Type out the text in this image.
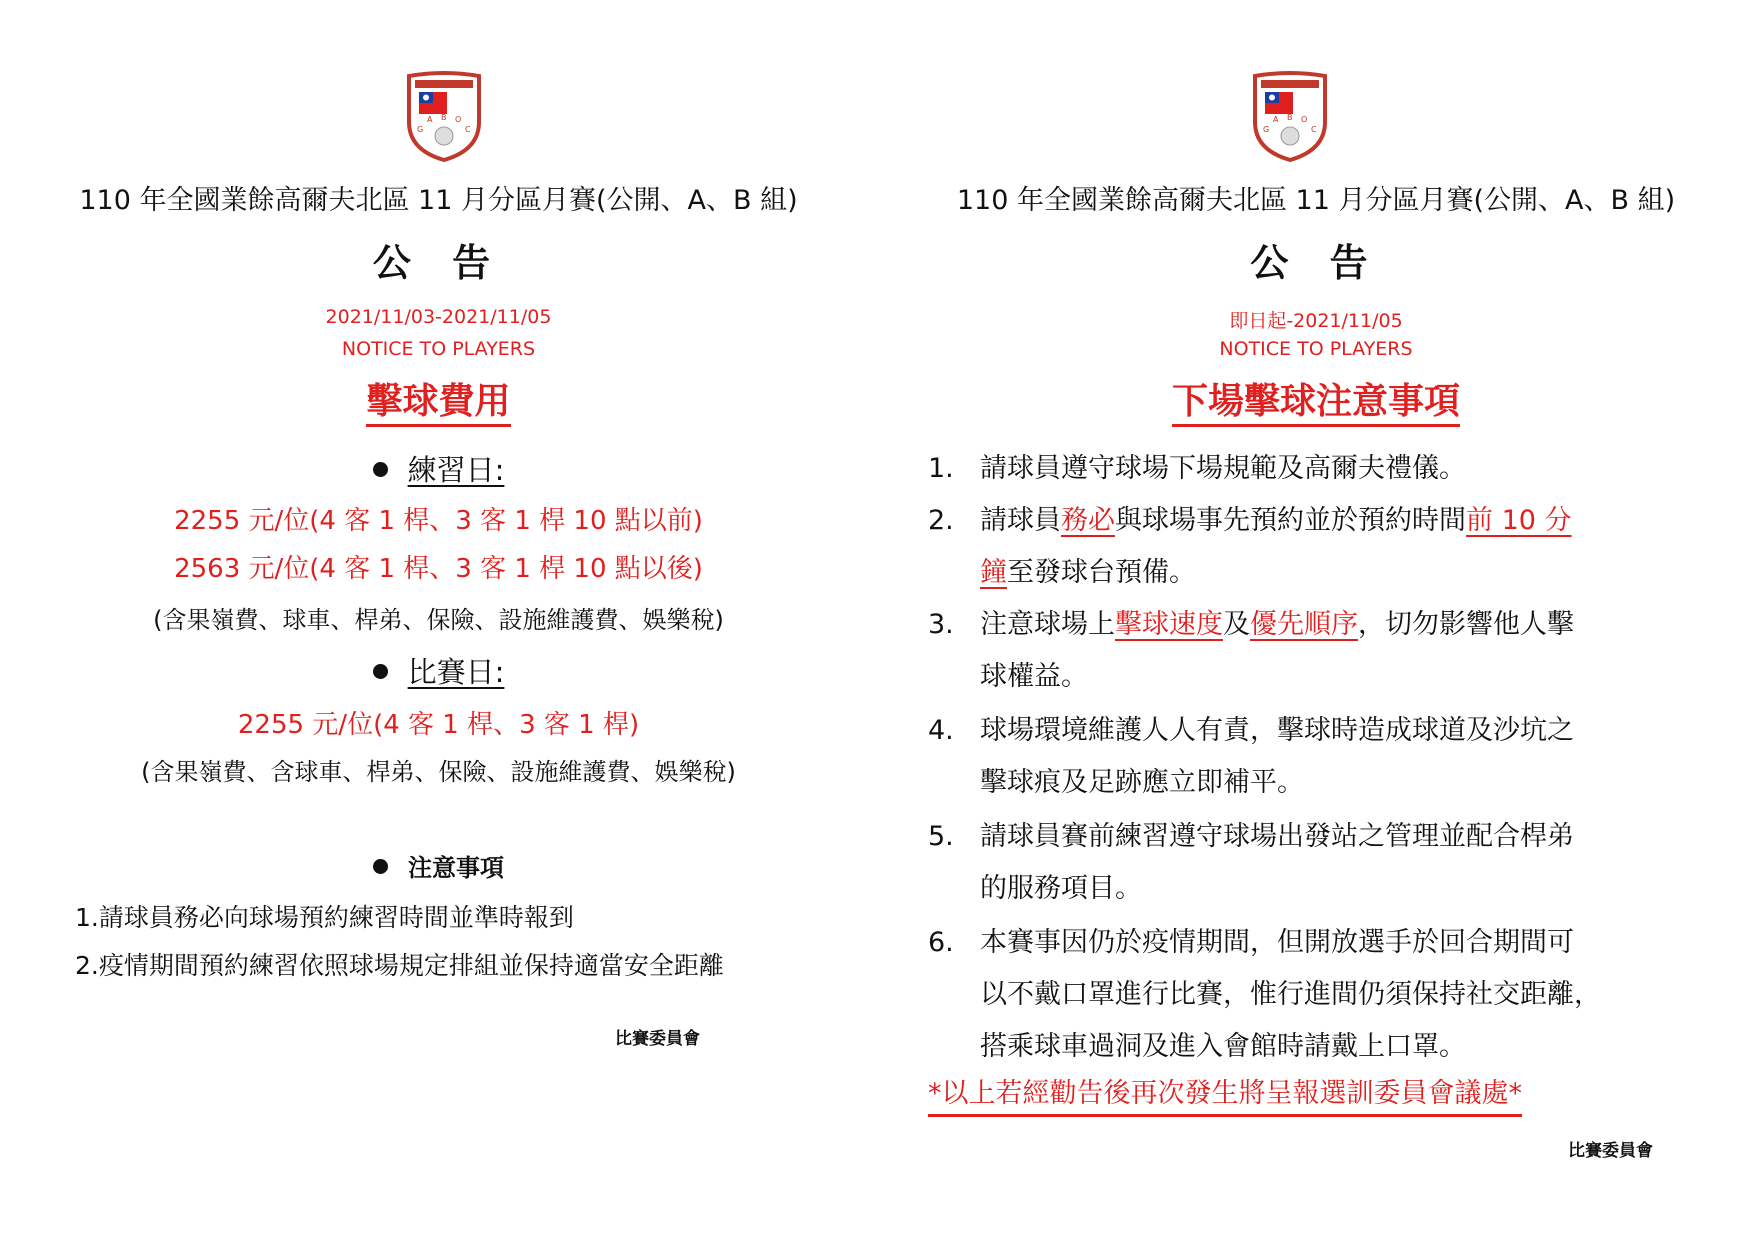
G
A B O
C
110 年全國業餘高爾夫北區 11 月分區月賽(公開、A、B 組)
公 告
2021/11/03-2021/11/05
NOTICE TO PLAYERS
擊球費用
練習日:
2255 元/位(4 客 1 桿、3 客 1 桿 10 點以前)
2563 元/位(4 客 1 桿、3 客 1 桿 10 點以後)
(含果嶺費、球車、桿弟、保險、設施維護費、娛樂稅)
比賽日:
2255 元/位(4 客 1 桿、3 客 1 桿)
(含果嶺費、含球車、桿弟、保險、設施維護費、娛樂稅)
注意事項
1.請球員務必向球場預約練習時間並準時報到
2.疫情期間預約練習依照球場規定排組並保持適當安全距離
比賽委員會
G
A B O
C
110 年全國業餘高爾夫北區 11 月分區月賽(公開、A、B 組)
公 告
即日起-2021/11/05
NOTICE TO PLAYERS
下場擊球注意事項
1. 請球員遵守球場下場規範及高爾夫禮儀。
2. 請球員務必與球場事先預約並於預約時間前 10 分
鐘至發球台預備。
3. 注意球場上擊球速度及優先順序，切勿影響他人擊
球權益。
4. 球場環境維護人人有責，擊球時造成球道及沙坑之
擊球痕及足跡應立即補平。
5. 請球員賽前練習遵守球場出發站之管理並配合桿弟
的服務項目。
6. 本賽事因仍於疫情期間，但開放選手於回合期間可
以不戴口罩進行比賽，惟行進間仍須保持社交距離，
搭乘球車過洞及進入會館時請戴上口罩。
*以上若經勸告後再次發生將呈報選訓委員會議處*
比賽委員會
